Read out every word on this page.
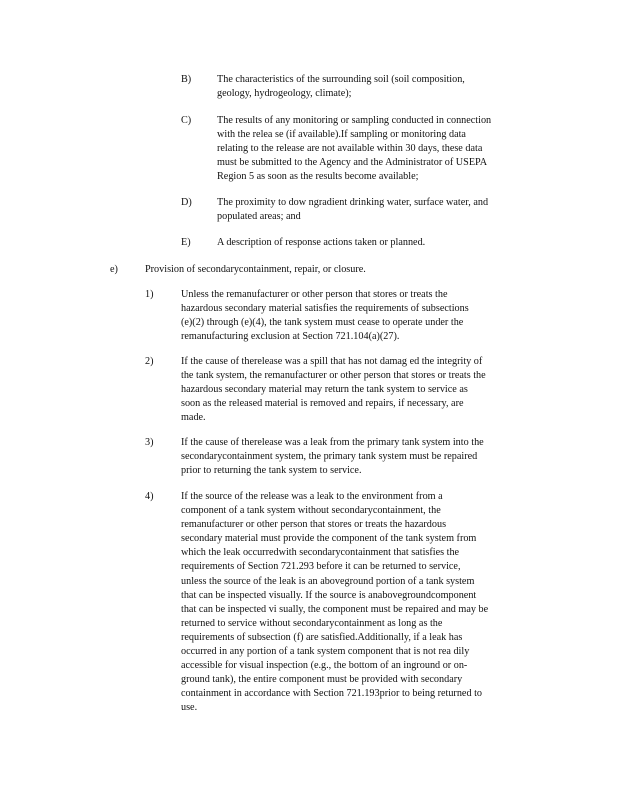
B)	The characteristics of the surrounding soil (soil composition,
geology, hydrogeology, climate);
C)	The results of any monitoring or sampling conducted in connection
with the relea se (if available).If sampling or monitoring data
relating to the release are not available within 30 days, these data
must be submitted to the Agency and the Administrator of USEPA
Region 5 as soon as the results become available;
D) The proximity to dow ngradient drinking water, surface water, and
populated areas; and
E)	A description of response actions taken or planned.
e)	Provision of secondarycontainment, repair, or closure.
1)	Unless the remanufacturer or other person that stores or treats the
hazardous secondary material satisfies the requirements of subsections
(e)(2) through (e)(4), the tank system must cease to operate under the
remanufacturing exclusion at Section 721.104(a)(27).
2)	If the cause of therelease was a spill that has not damag ed the integrity of
the tank system, the remanufacturer or other person that stores or treats the
hazardous secondary material may return the tank system to service as
soon as the released material is removed and repairs, if necessary, are
made.
3)	If the cause of therelease was a leak from the primary tank system into the
secondarycontainment system, the primary tank system must be repaired
prior to returning the tank system to service.
4)	If the source of the release was a leak to the environment from a
component of a tank system without secondarycontainment, the
remanufacturer or other person that stores or treats the hazardous
secondary material must provide the component of the tank system from
which the leak occurredwith secondarycontainment that satisfies the
requirements of Section 721.293 before it can be returned to service,
unless the source of the leak is an aboveground portion of a tank system
that can be inspected visually. If the source is anabovegroundcomponent
that can be inspected vi sually, the component must be repaired and may be
returned to service without secondarycontainment as long as the
requirements of subsection (f) are satisfied.Additionally, if a leak has
occurred in any portion of a tank system component that is not rea dily
accessible for visual inspection (e.g., the bottom of an inground or on-
ground tank), the entire component must be provided with secondary
containment in accordance with Section 721.193prior to being returned to
use.
